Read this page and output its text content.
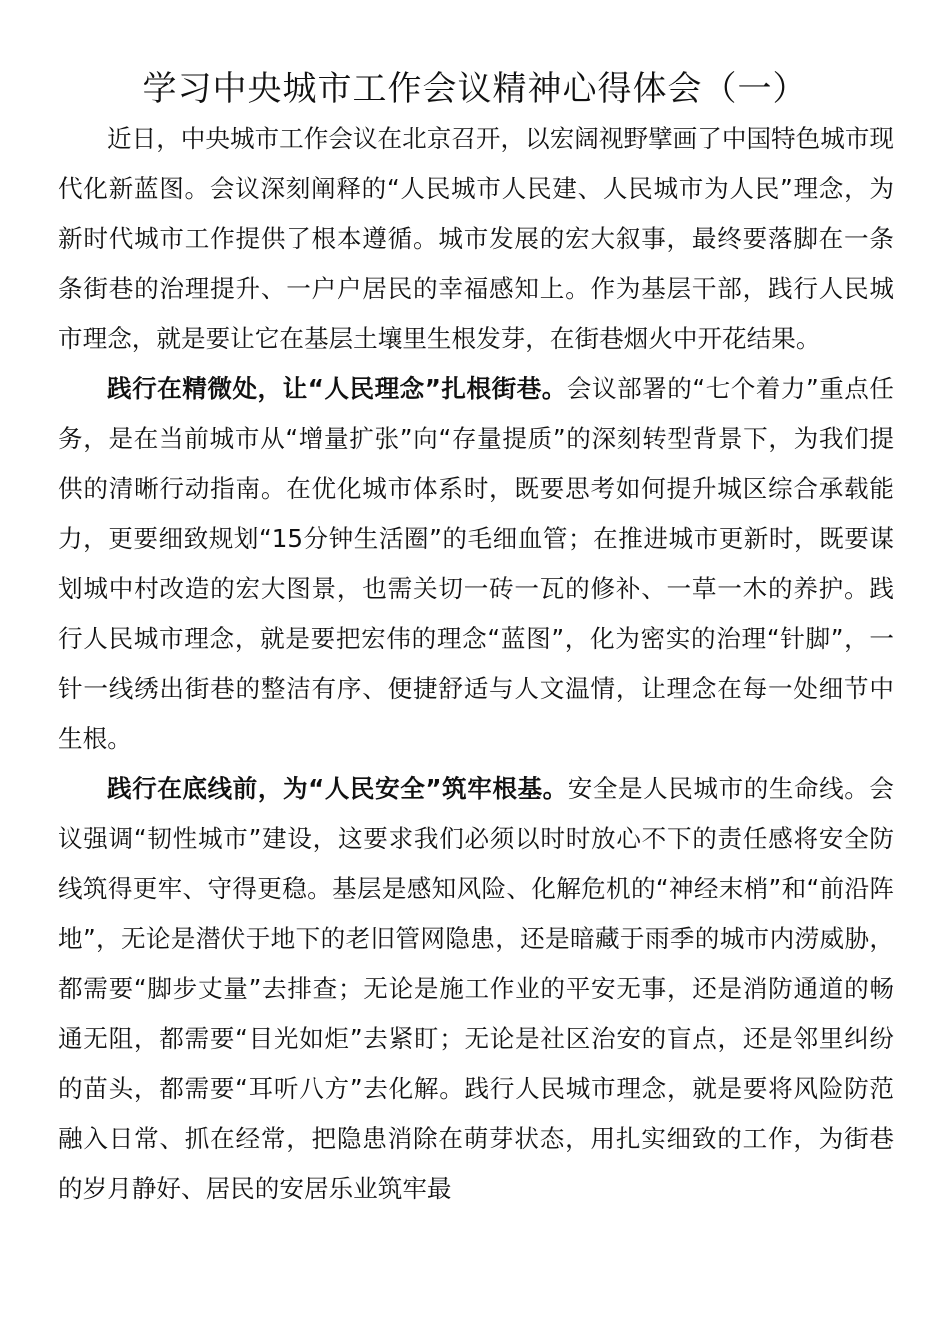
学习中央城市工作会议精神心得体会（一）

近日，中央城市工作会议在北京召开，以宏阔视野擘画了中国特色城市现代化新蓝图。会议深刻阐释的“人民城市人民建、人民城市为人民”理念，为新时代城市工作提供了根本遵循。城市发展的宏大叙事，最终要落脚在一条条街巷的治理提升、一户户居民的幸福感知上。作为基层干部，践行人民城市理念，就是要让它在基层土壤里生根发芽，在街巷烟火中开花结果。

践行在精微处，让“人民理念”扎根街巷。会议部署的“七个着力”重点任务，是在当前城市从“增量扩张”向“存量提质”的深刻转型背景下，为我们提供的清晰行动指南。在优化城市体系时，既要思考如何提升城区综合承载能力，更要细致规划“15分钟生活圈”的毛细血管；在推进城市更新时，既要谋划城中村改造的宏大图景，也需关切一砖一瓦的修补、一草一木的养护。践行人民城市理念，就是要把宏伟的理念“蓝图”，化为密实的治理“针脚”，一针一线绣出街巷的整洁有序、便捷舒适与人文温情，让理念在每一处细节中生根。

践行在底线前，为“人民安全”筑牢根基。安全是人民城市的生命线。会议强调“韧性城市”建设，这要求我们必须以时时放心不下的责任感将安全防线筑得更牢、守得更稳。基层是感知风险、化解危机的“神经末梢”和“前沿阵地”，无论是潜伏于地下的老旧管网隐患，还是暗藏于雨季的城市内涝威胁，都需要“脚步丈量”去排查；无论是施工作业的平安无事，还是消防通道的畅通无阻，都需要“目光如炬”去紧盯；无论是社区治安的盲点，还是邻里纠纷的苗头，都需要“耳听八方”去化解。践行人民城市理念，就是要将风险防范融入日常、抓在经常，把隐患消除在萌芽状态，用扎实细致的工作，为街巷的岁月静好、居民的安居乐业筑牢最
